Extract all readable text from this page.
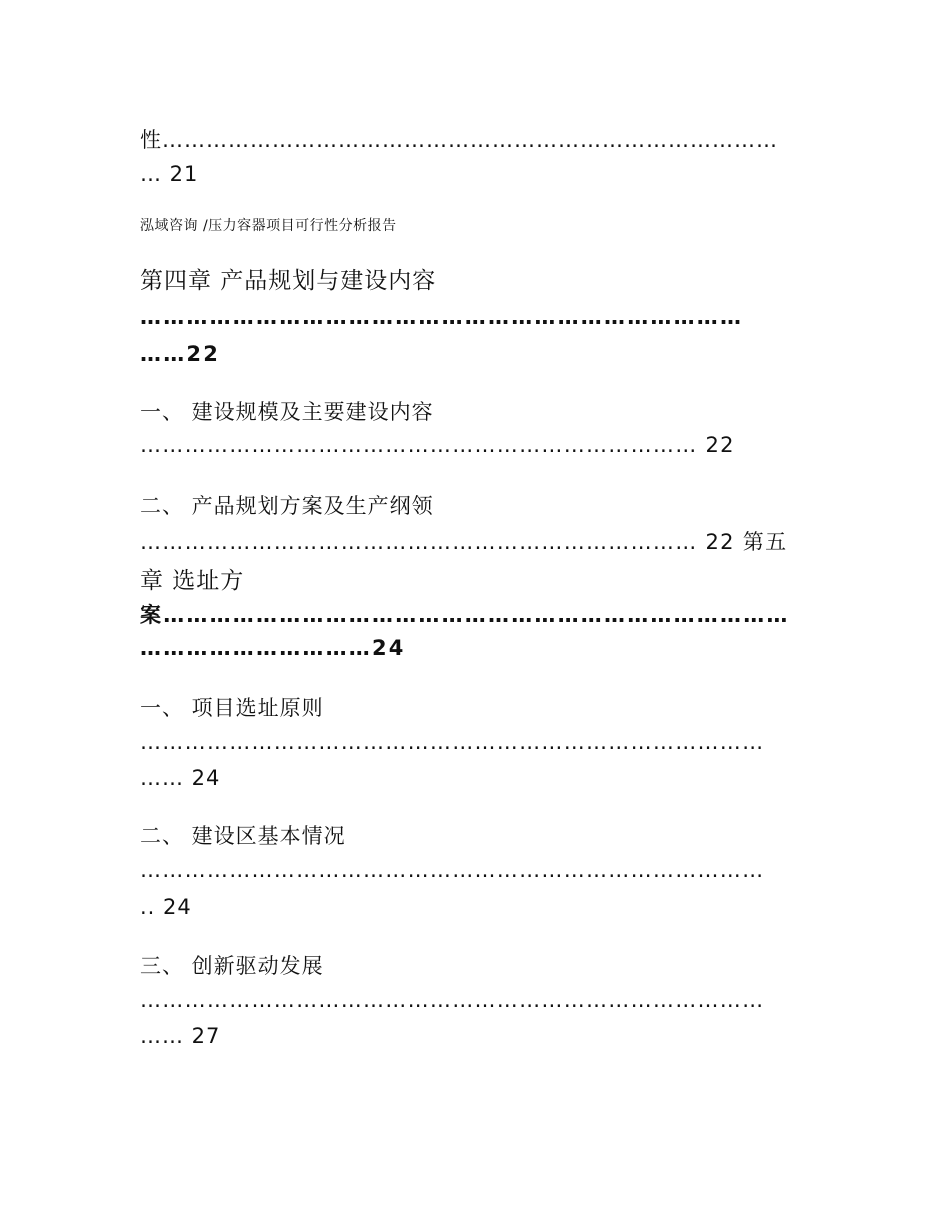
性…………………………………………………………………………

… 21

泓域咨询 /压力容器项目可行性分析报告

第四章 产品规划与建设内容

……………………………………………………………………

……22

一、 建设规模及主要建设内容

………………………………………………………………… 22

二、 产品规划方案及生产纲领

………………………………………………………………… 22 第五

章 选址方

案………………………………………………………………………

…………………………24

一、 项目选址原则

…………………………………………………………………………

…… 24

二、 建设区基本情况

…………………………………………………………………………

.. 24

三、 创新驱动发展

…………………………………………………………………………

…… 27
